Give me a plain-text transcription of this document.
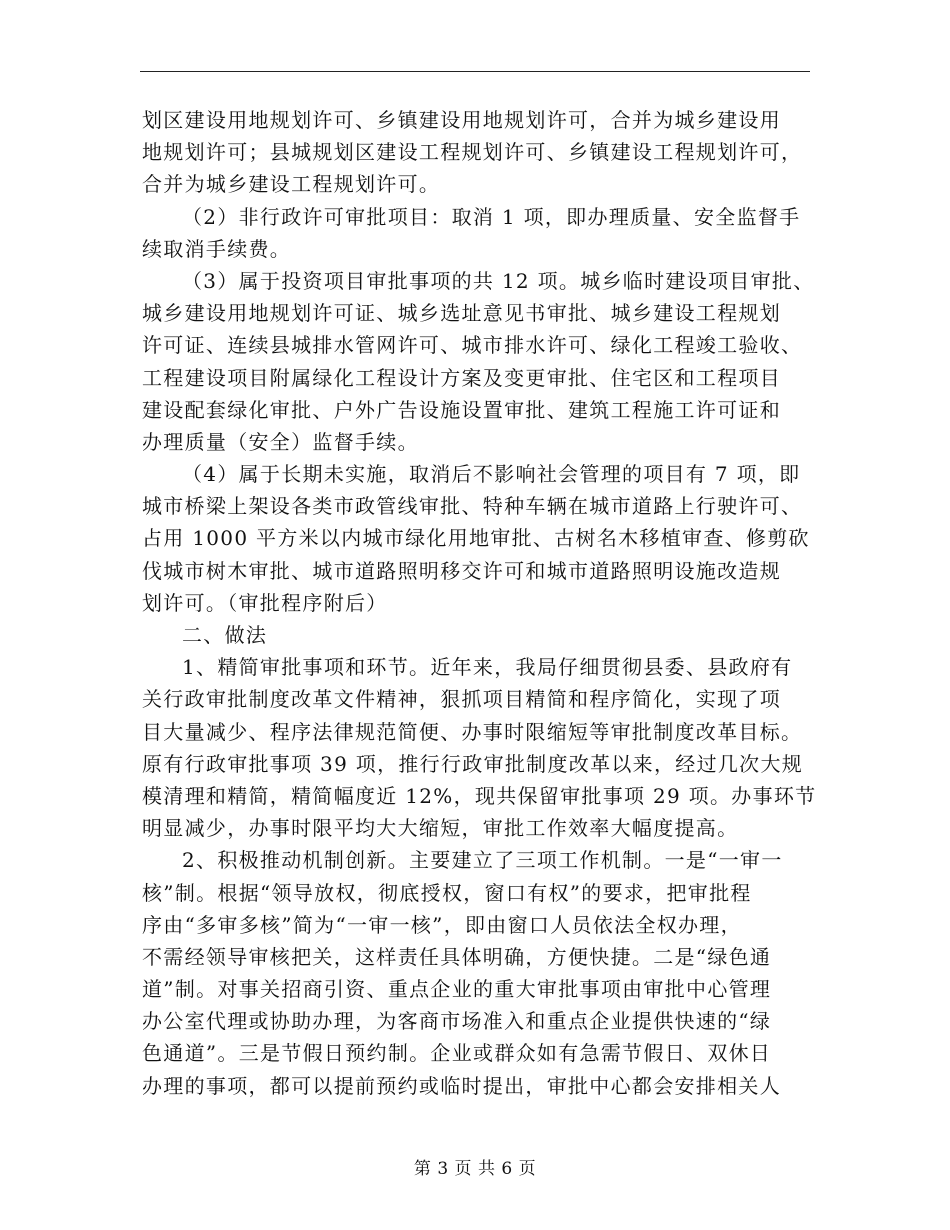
划区建设用地规划许可、乡镇建设用地规划许可，合并为城乡建设用
地规划许可；县城规划区建设工程规划许可、乡镇建设工程规划许可，
合并为城乡建设工程规划许可。
（2）非行政许可审批项目：取消 1 项，即办理质量、安全监督手
续取消手续费。
（3）属于投资项目审批事项的共 12 项。城乡临时建设项目审批、
城乡建设用地规划许可证、城乡选址意见书审批、城乡建设工程规划
许可证、连续县城排水管网许可、城市排水许可、绿化工程竣工验收、
工程建设项目附属绿化工程设计方案及变更审批、住宅区和工程项目
建设配套绿化审批、户外广告设施设置审批、建筑工程施工许可证和
办理质量（安全）监督手续。
（4）属于长期未实施，取消后不影响社会管理的项目有 7 项，即
城市桥梁上架设各类市政管线审批、特种车辆在城市道路上行驶许可、
占用 1000 平方米以内城市绿化用地审批、古树名木移植审查、修剪砍
伐城市树木审批、城市道路照明移交许可和城市道路照明设施改造规
划许可。（审批程序附后）
二、做法
1、精简审批事项和环节。近年来，我局仔细贯彻县委、县政府有
关行政审批制度改革文件精神，狠抓项目精简和程序简化，实现了项
目大量减少、程序法律规范简便、办事时限缩短等审批制度改革目标。
原有行政审批事项 39 项，推行行政审批制度改革以来，经过几次大规
模清理和精简，精简幅度近 12%，现共保留审批事项 29 项。办事环节
明显减少，办事时限平均大大缩短，审批工作效率大幅度提高。
2、积极推动机制创新。主要建立了三项工作机制。一是“一审一
核”制。根据“领导放权，彻底授权，窗口有权”的要求，把审批程
序由“多审多核”简为“一审一核”，即由窗口人员依法全权办理，
不需经领导审核把关，这样责任具体明确，方便快捷。二是“绿色通
道”制。对事关招商引资、重点企业的重大审批事项由审批中心管理
办公室代理或协助办理，为客商市场准入和重点企业提供快速的“绿
色通道”。三是节假日预约制。企业或群众如有急需节假日、双休日
办理的事项，都可以提前预约或临时提出，审批中心都会安排相关人
第 3 页 共 6 页
